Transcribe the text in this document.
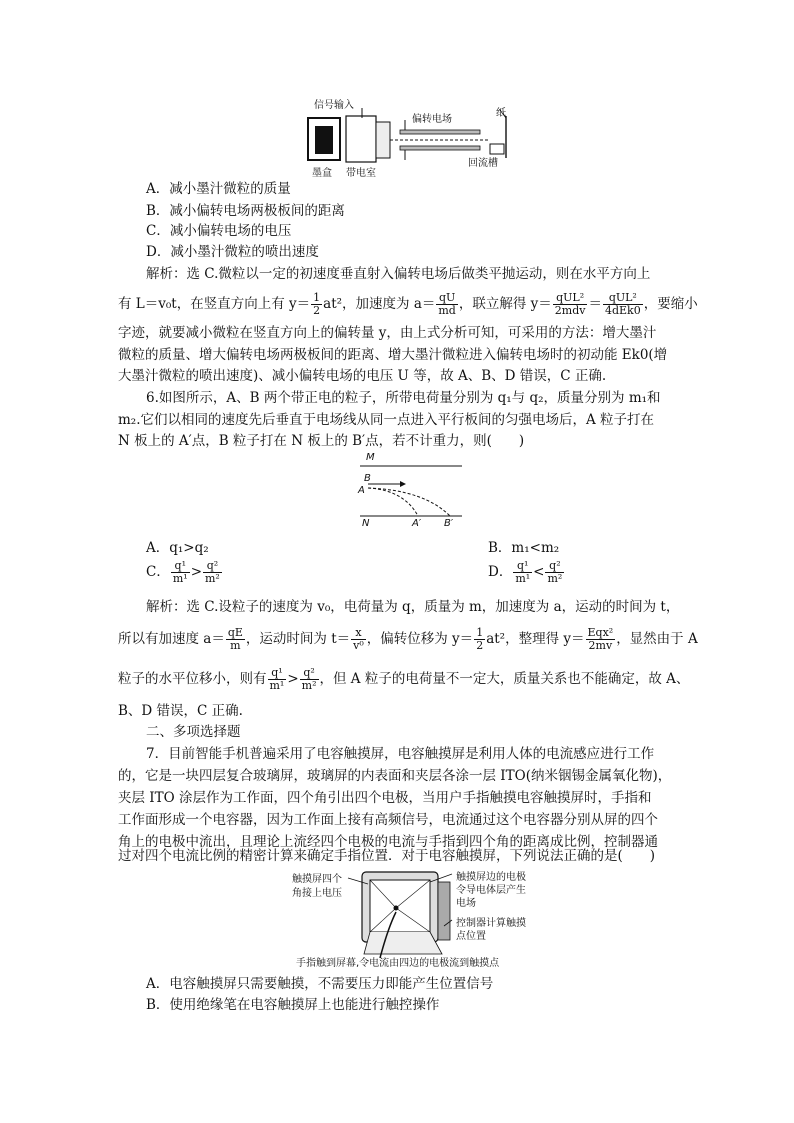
信号输入
偏转电场
纸
墨盒 带电室
回流槽
A．减小墨汁微粒的质量
B．减小偏转电场两极板间的距离
C．减小偏转电场的电压
D．减小墨汁微粒的喷出速度
解析：选 C.微粒以一定的初速度垂直射入偏转电场后做类平抛运动，则在水平方向上
有 L＝v₀t，在竖直方向上有 $y= \frac{1}{2} at^2$，加速度为 $a= \frac{qU}{md}$ ，联立解得 $y= \frac{\text{qUL²}}{\text{2mdv}} = \frac{\text{qUL²}}{\text{4dEk0}}$ ，要缩小
字迹，就要减小微粒在竖直方向上的偏转量 y，由上式分析可知，可采用的方法：增大墨汁
微粒的质量、增大偏转电场两极板间的距离、增大墨汁微粒进入偏转电场时的初动能 Ek0(增
大墨汁微粒的喷出速度)、减小偏转电场的电压 U 等，故 A、B、D 错误，C 正确.
6.如图所示，A、B 两个带正电的粒子，所带电荷量分别为 q₁与 q₂，质量分别为 m₁和
m₂.它们以相同的速度先后垂直于电场线从同一点进入平行板间的匀强电场后，A 粒子打在
N 板上的 A′点，B 粒子打在 N 板上的 B′点，若不计重力，则(　　)
M
B
A
N	A′ B′
A．q₁>q₂	B．m₁<m₂
C． $\frac{\text{q¹}}{\text{m¹}} > \frac{\text{q²}}{\text{m²}}$	D． $\frac{\text{q¹}}{\text{m¹}} < \frac{\text{q²}}{\text{m²}}$
解析：选 C.设粒子的速度为 v₀，电荷量为 q，质量为 m，加速度为 a，运动的时间为 t，
所以有加速度 $a= \frac{qE}{m}$ ，运动时间为 $t= \frac{x}{\text{v⁰}}$ ，偏转位移为 $y= \frac{1}{2} at^2$，整理得 $y= \frac{\text{Eqx²}}{2mv}$ ，显然由于 A
粒子的水平位移小，则有 $\frac{\text{q¹}}{\text{m¹}} > \frac{\text{q²}}{\text{m²}}$ ，但 A 粒子的电荷量不一定大，质量关系也不能确定，故 A、
B、D 错误，C 正确.
二、多项选择题
7．目前智能手机普遍采用了电容触摸屏，电容触摸屏是利用人体的电流感应进行工作
的，它是一块四层复合玻璃屏，玻璃屏的内表面和夹层各涂一层 ITO(纳米铟锡金属氧化物)，
夹层 ITO 涂层作为工作面，四个角引出四个电极，当用户手指触摸电容触摸屏时，手指和
工作面形成一个电容器，因为工作面上接有高频信号，电流通过这个电容器分别从屏的四个
角上的电极中流出，且理论上流经四个电极的电流与手指到四个角的距离成比例，控制器通
过对四个电流比例的精密计算来确定手指位置．对于电容触摸屏，下列说法正确的是(　　)
触摸屏四个
角接上电压
触摸屏边的电极
令导电体层产生
电场
控制器计算触摸
点位置
手指触到屏幕,令电流由四边的电极流到触摸点
A．电容触摸屏只需要触摸，不需要压力即能产生位置信号
B．使用绝缘笔在电容触摸屏上也能进行触控操作
